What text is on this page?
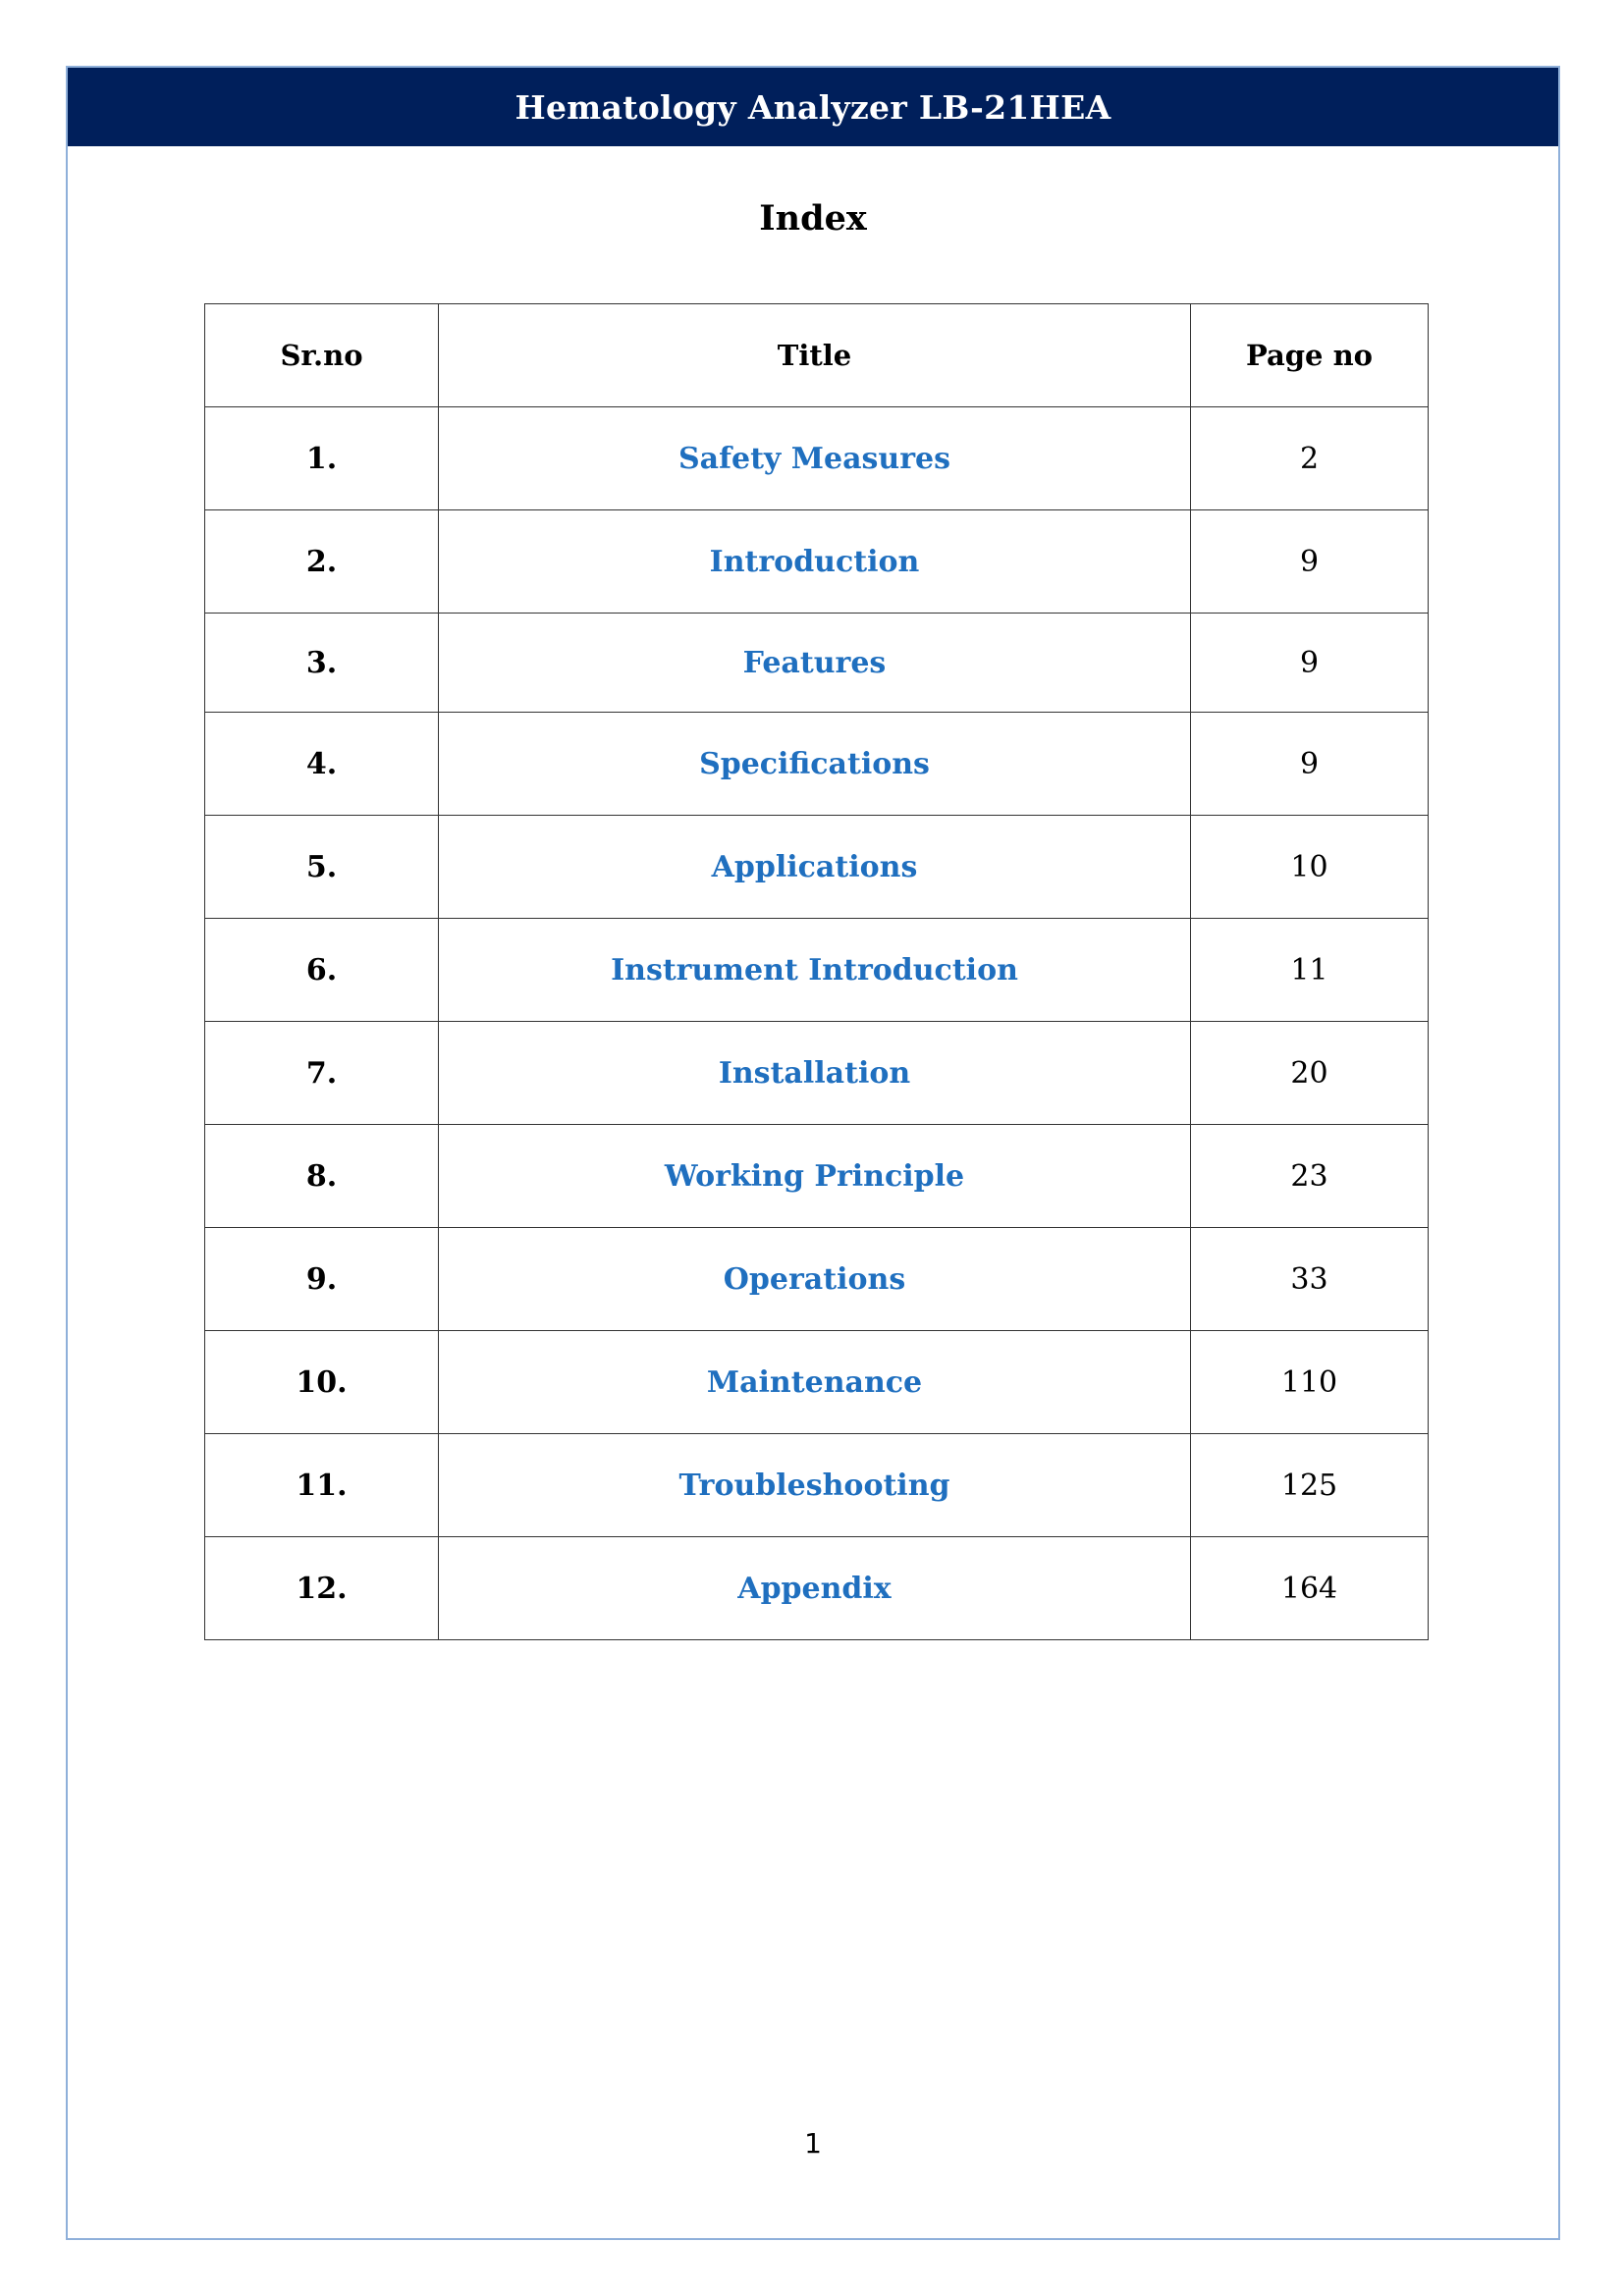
Hematology Analyzer LB-21HEA
Index
Sr.no	Title	Page no
1.	Safety Measures	2
2.	Introduction	9
3.	Features	9
4.	Specifications	9
5.	Applications	10
6.	Instrument Introduction	11
7.	Installation	20
8.	Working Principle	23
9.	Operations	33
10.	Maintenance	110
11.	Troubleshooting	125
12.	Appendix	164
1
